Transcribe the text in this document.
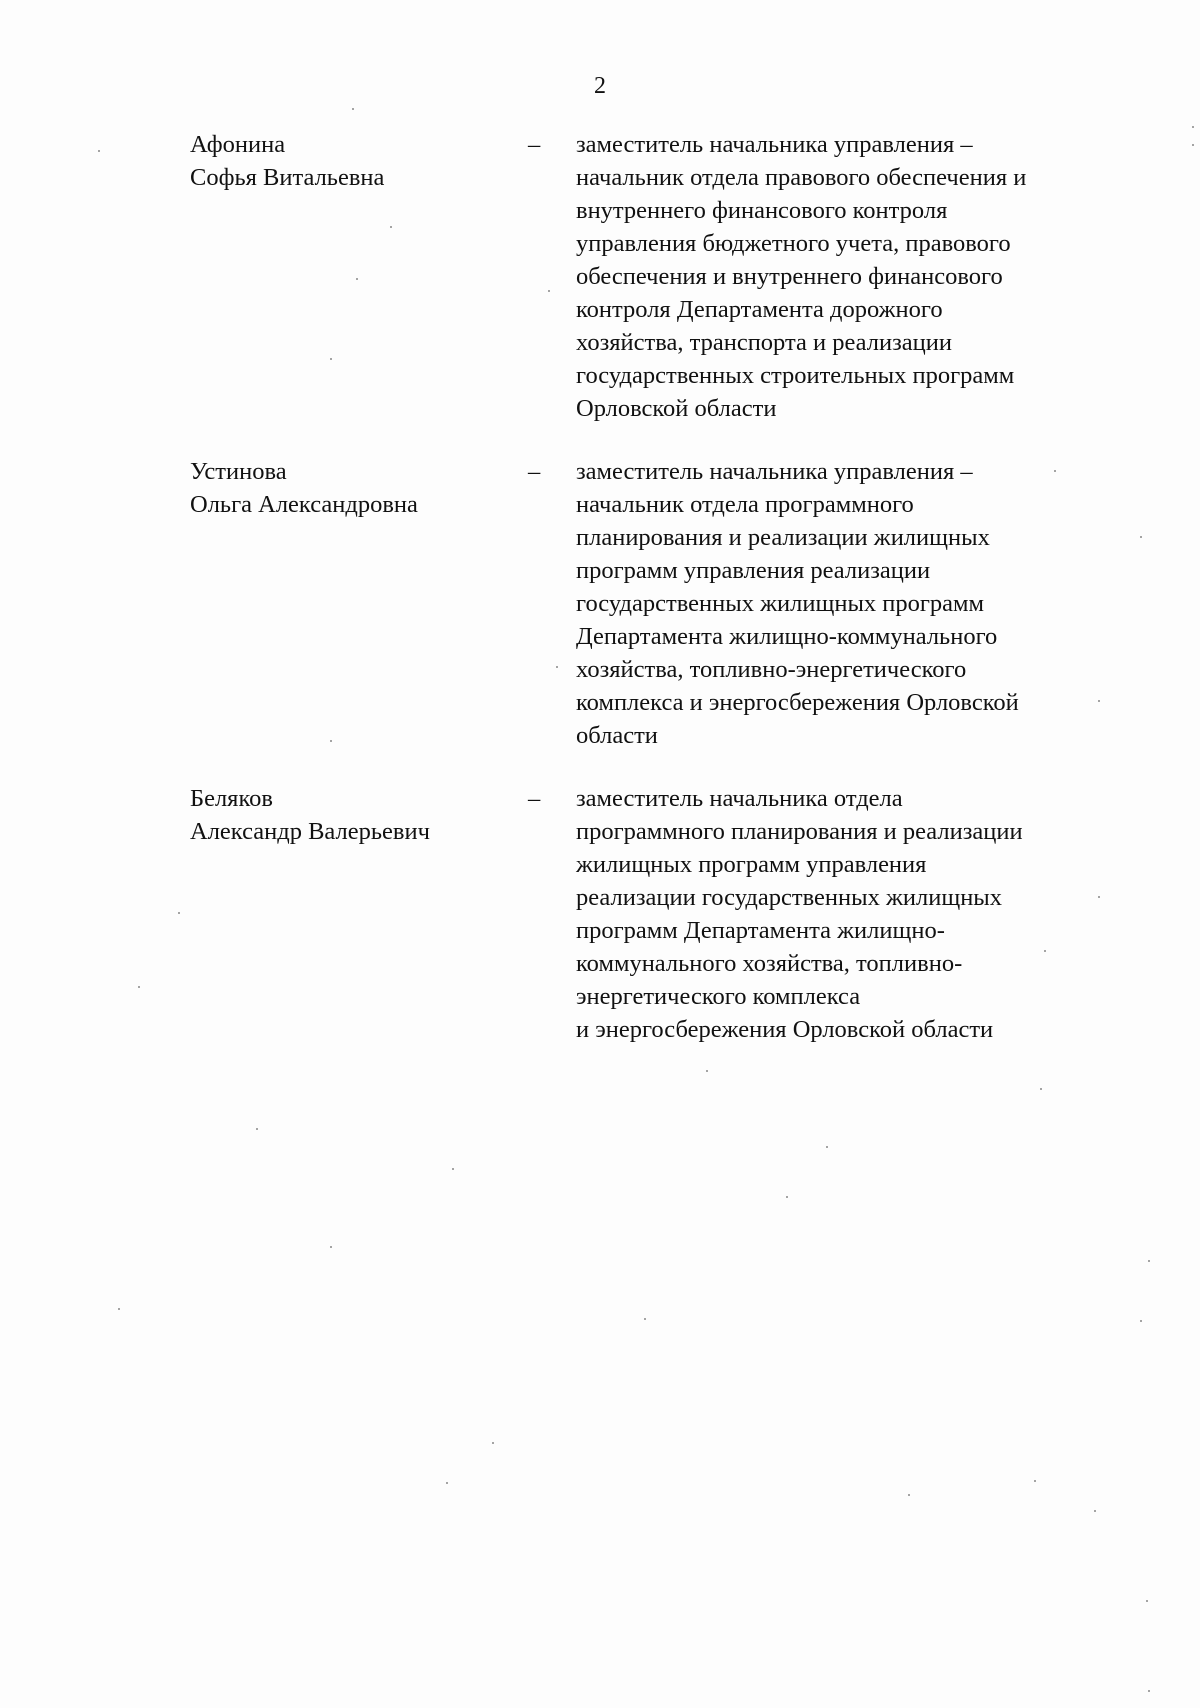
2
Афонина
Софья Витальевна
– заместитель начальника управления –
начальник отдела правового обеспечения и
внутреннего финансового контроля
управления бюджетного учета, правового
обеспечения и внутреннего финансового
контроля Департамента дорожного
хозяйства, транспорта и реализации
государственных строительных программ
Орловской области
Устинова
Ольга Александровна
– заместитель начальника управления –
начальник отдела программного
планирования и реализации жилищных
программ управления реализации
государственных жилищных программ
Департамента жилищно-коммунального
хозяйства, топливно-энергетического
комплекса и энергосбережения Орловской
области
Беляков
Александр Валерьевич
– заместитель начальника отдела
программного планирования и реализации
жилищных программ управления
реализации государственных жилищных
программ Департамента жилищно-
коммунального хозяйства, топливно-
энергетического комплекса
и энергосбережения Орловской области
